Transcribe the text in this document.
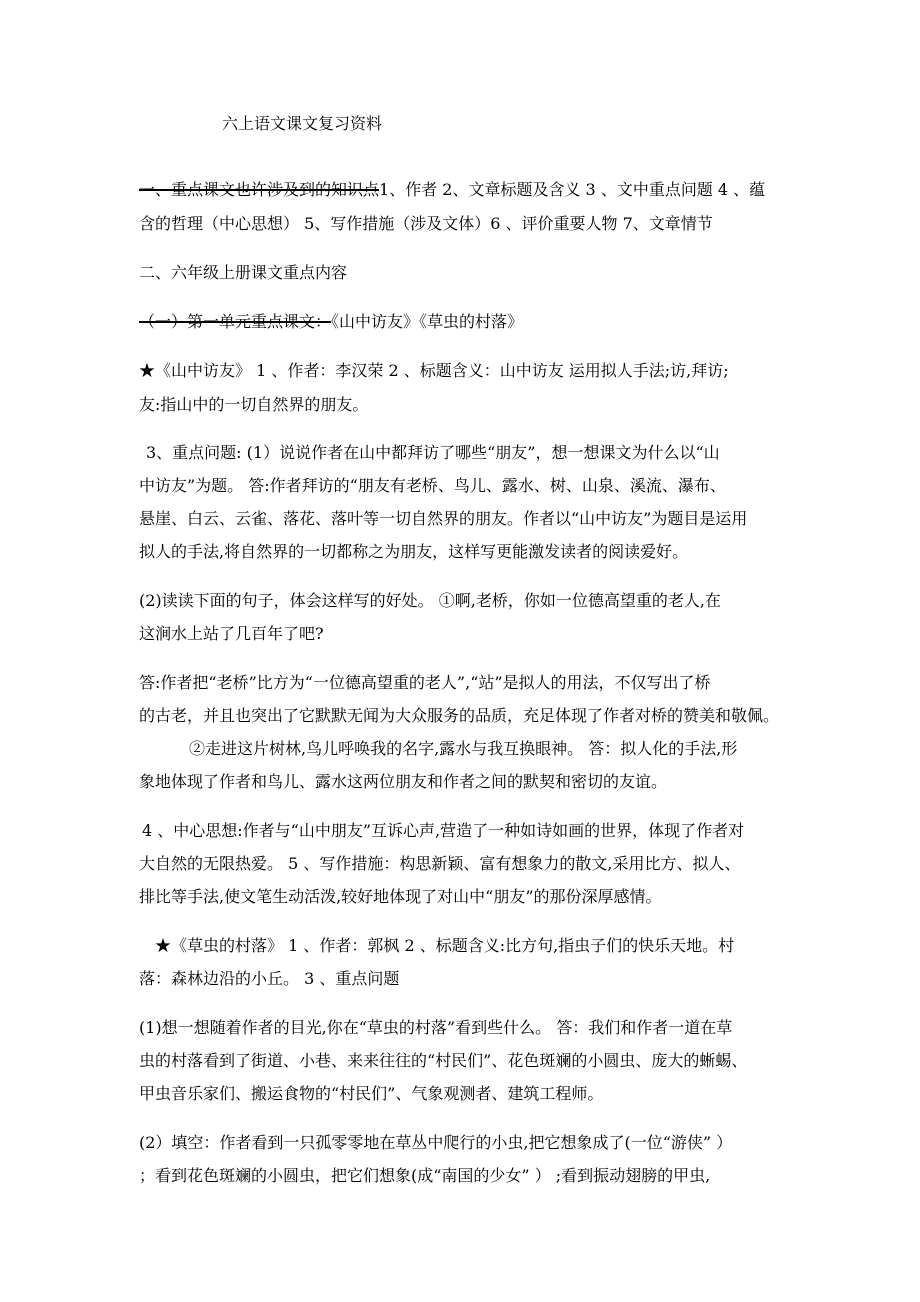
六上语文课文复习资料
一、重点课文也许涉及到的知识点1、作者 2、文章标题及含义 3 、文中重点问题 4 、蕴
含的哲理（中心思想） 5、写作措施（涉及文体）6 、评价重要人物 7、文章情节
二、六年级上册课文重点内容
（一）第一单元重点课文：《山中访友》《草虫的村落》
★《山中访友》 1 、作者：李汉荣 2 、标题含义：山中访友 运用拟人手法;访,拜访;
友:指山中的一切自然界的朋友。
3、重点问题: (1）说说作者在山中都拜访了哪些“朋友”，想一想课文为什么以“山
中访友”为题。 答:作者拜访的“朋友有老桥、鸟儿、露水、树、山泉、溪流、瀑布、
悬崖、白云、云雀、落花、落叶等一切自然界的朋友。作者以“山中访友”为题目是运用
拟人的手法,将自然界的一切都称之为朋友，这样写更能激发读者的阅读爱好。
(2)读读下面的句子，体会这样写的好处。 ①啊,老桥，你如一位德高望重的老人,在
这涧水上站了几百年了吧?
答:作者把“老桥”比方为“一位德高望重的老人”,“站”是拟人的用法，不仅写出了桥
的古老，并且也突出了它默默无闻为大众服务的品质，充足体现了作者对桥的赞美和敬佩。
②走进这片树林,鸟儿呼唤我的名字,露水与我互换眼神。 答：拟人化的手法,形
象地体现了作者和鸟儿、露水这两位朋友和作者之间的默契和密切的友谊。
4 、中心思想:作者与“山中朋友”互诉心声,营造了一种如诗如画的世界，体现了作者对
大自然的无限热爱。 5 、写作措施：构思新颖、富有想象力的散文,采用比方、拟人、
排比等手法,使文笔生动活泼,较好地体现了对山中“朋友”的那份深厚感情。
★《草虫的村落》 1 、作者：郭枫 2 、标题含义:比方句,指虫子们的快乐天地。村
落：森林边沿的小丘。 3 、重点问题
(1)想一想随着作者的目光,你在“草虫的村落”看到些什么。 答：我们和作者一道在草
虫的村落看到了街道、小巷、来来往往的“村民们”、花色斑斓的小圆虫、庞大的蜥蜴、
甲虫音乐家们、搬运食物的“村民们”、气象观测者、建筑工程师。
(2）填空：作者看到一只孤零零地在草丛中爬行的小虫,把它想象成了(一位“游侠” ）
；看到花色斑斓的小圆虫，把它们想象(成“南国的少女” ） ;看到振动翅膀的甲虫,
